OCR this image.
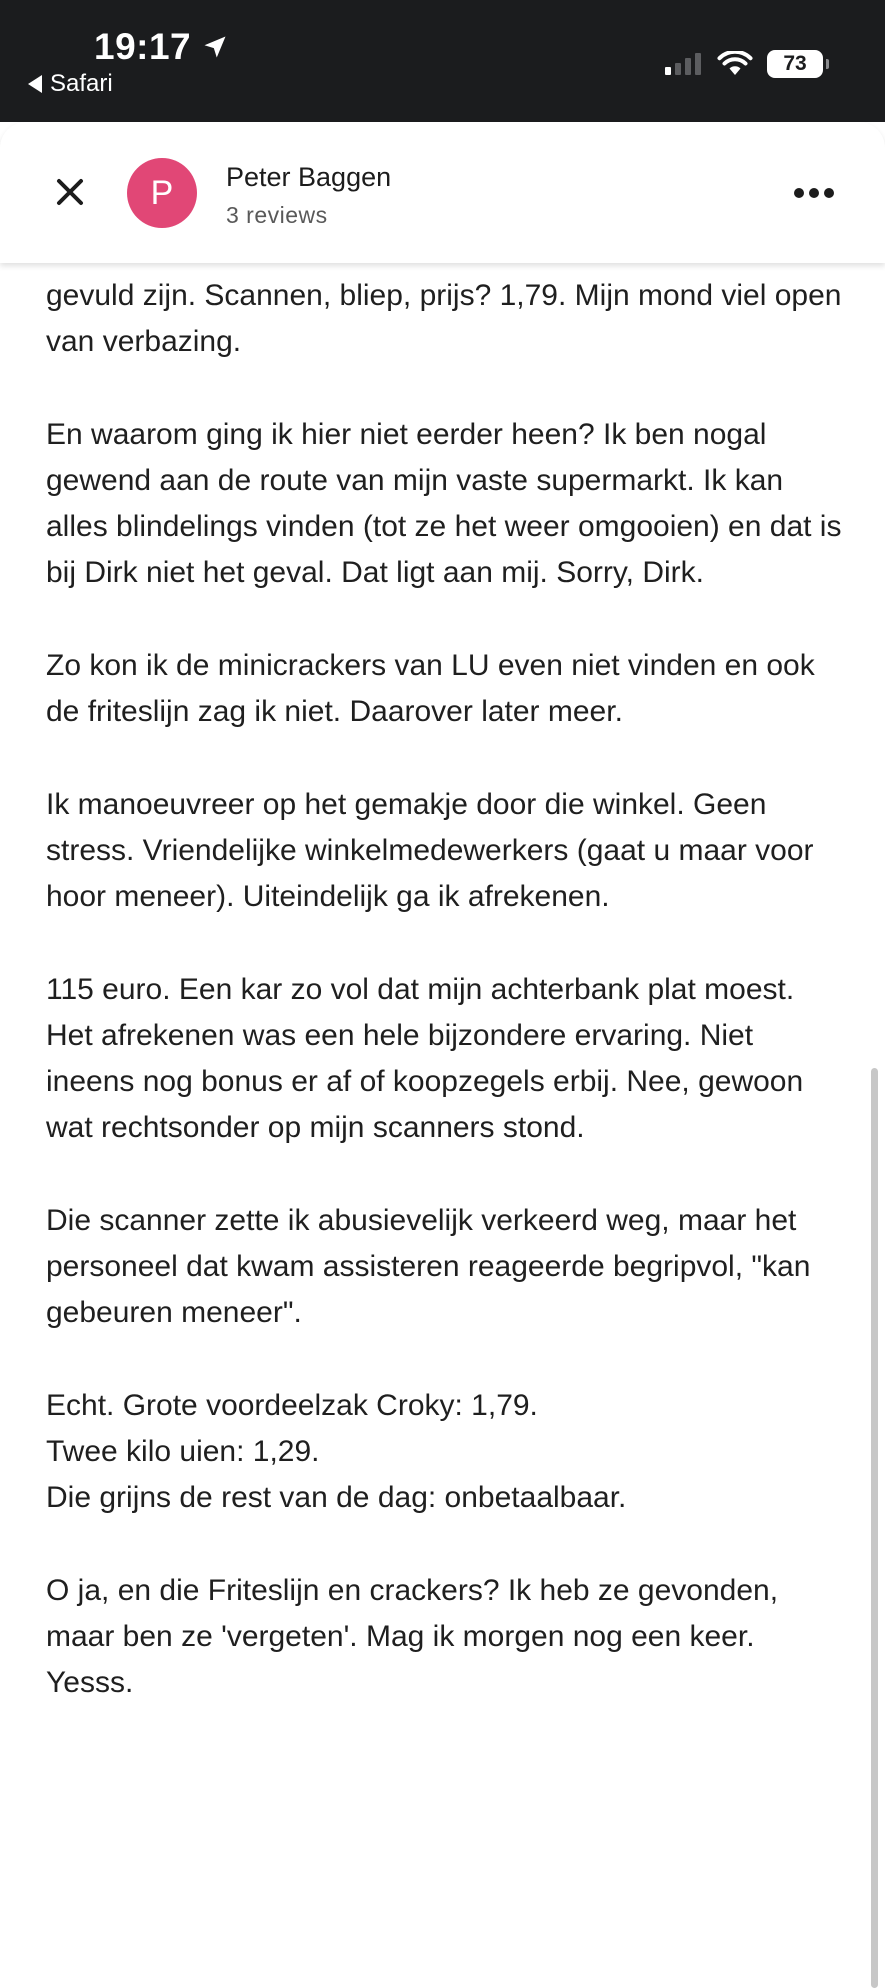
19:17
Safari
73
P Peter Baggen
3 reviews

gevuld zijn. Scannen, bliep, prijs? 1,79. Mijn mond viel open van verbazing.

En waarom ging ik hier niet eerder heen? Ik ben nogal gewend aan de route van mijn vaste supermarkt. Ik kan alles blindelings vinden (tot ze het weer omgooien) en dat is bij Dirk niet het geval. Dat ligt aan mij. Sorry, Dirk.

Zo kon ik de minicrackers van LU even niet vinden en ook de friteslijn zag ik niet. Daarover later meer.

Ik manoeuvreer op het gemakje door die winkel. Geen stress. Vriendelijke winkelmedewerkers (gaat u maar voor hoor meneer). Uiteindelijk ga ik afrekenen.

115 euro. Een kar zo vol dat mijn achterbank plat moest. Het afrekenen was een hele bijzondere ervaring. Niet ineens nog bonus er af of koopzegels erbij. Nee, gewoon wat rechtsonder op mijn scanners stond.

Die scanner zette ik abusievelijk verkeerd weg, maar het personeel dat kwam assisteren reageerde begripvol, "kan gebeuren meneer".

Echt. Grote voordeelzak Croky: 1,79.
Twee kilo uien: 1,29.
Die grijns de rest van de dag: onbetaalbaar.

O ja, en die Friteslijn en crackers? Ik heb ze gevonden, maar ben ze 'vergeten'. Mag ik morgen nog een keer. Yesss.
